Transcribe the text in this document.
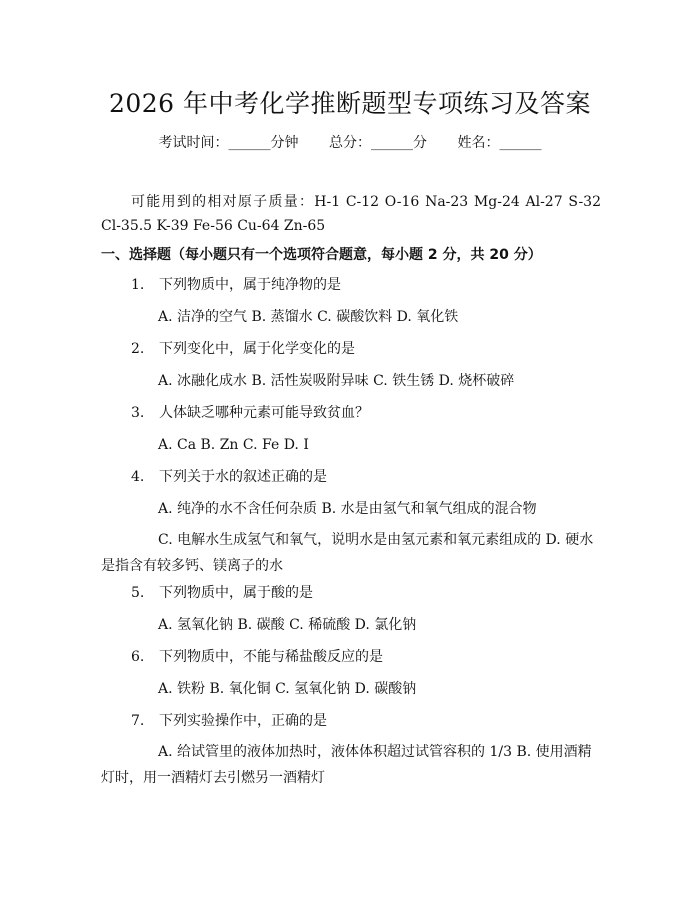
2026 年中考化学推断题型专项练习及答案
考试时间：______分钟 总分：______分 姓名：______
可能用到的相对原子质量：H-1 C-12 O-16 Na-23 Mg-24 Al-27 S-32 Cl-35.5 K-39 Fe-56 Cu-64 Zn-65
一、选择题（每小题只有一个选项符合题意，每小题 2 分，共 20 分）
1. 下列物质中，属于纯净物的是
A. 洁净的空气 B. 蒸馏水 C. 碳酸饮料 D. 氧化铁
2. 下列变化中，属于化学变化的是
A. 冰融化成水 B. 活性炭吸附异味 C. 铁生锈 D. 烧杯破碎
3. 人体缺乏哪种元素可能导致贫血？
A. Ca B. Zn C. Fe D. I
4. 下列关于水的叙述正确的是
A. 纯净的水不含任何杂质 B. 水是由氢气和氧气组成的混合物
C. 电解水生成氢气和氧气，说明水是由氢元素和氧元素组成的 D. 硬水是指含有较多钙、镁离子的水
5. 下列物质中，属于酸的是
A. 氢氧化钠 B. 碳酸 C. 稀硫酸 D. 氯化钠
6. 下列物质中，不能与稀盐酸反应的是
A. 铁粉 B. 氧化铜 C. 氢氧化钠 D. 碳酸钠
7. 下列实验操作中，正确的是
A. 给试管里的液体加热时，液体体积超过试管容积的 1/3 B. 使用酒精灯时，用一酒精灯去引燃另一酒精灯
